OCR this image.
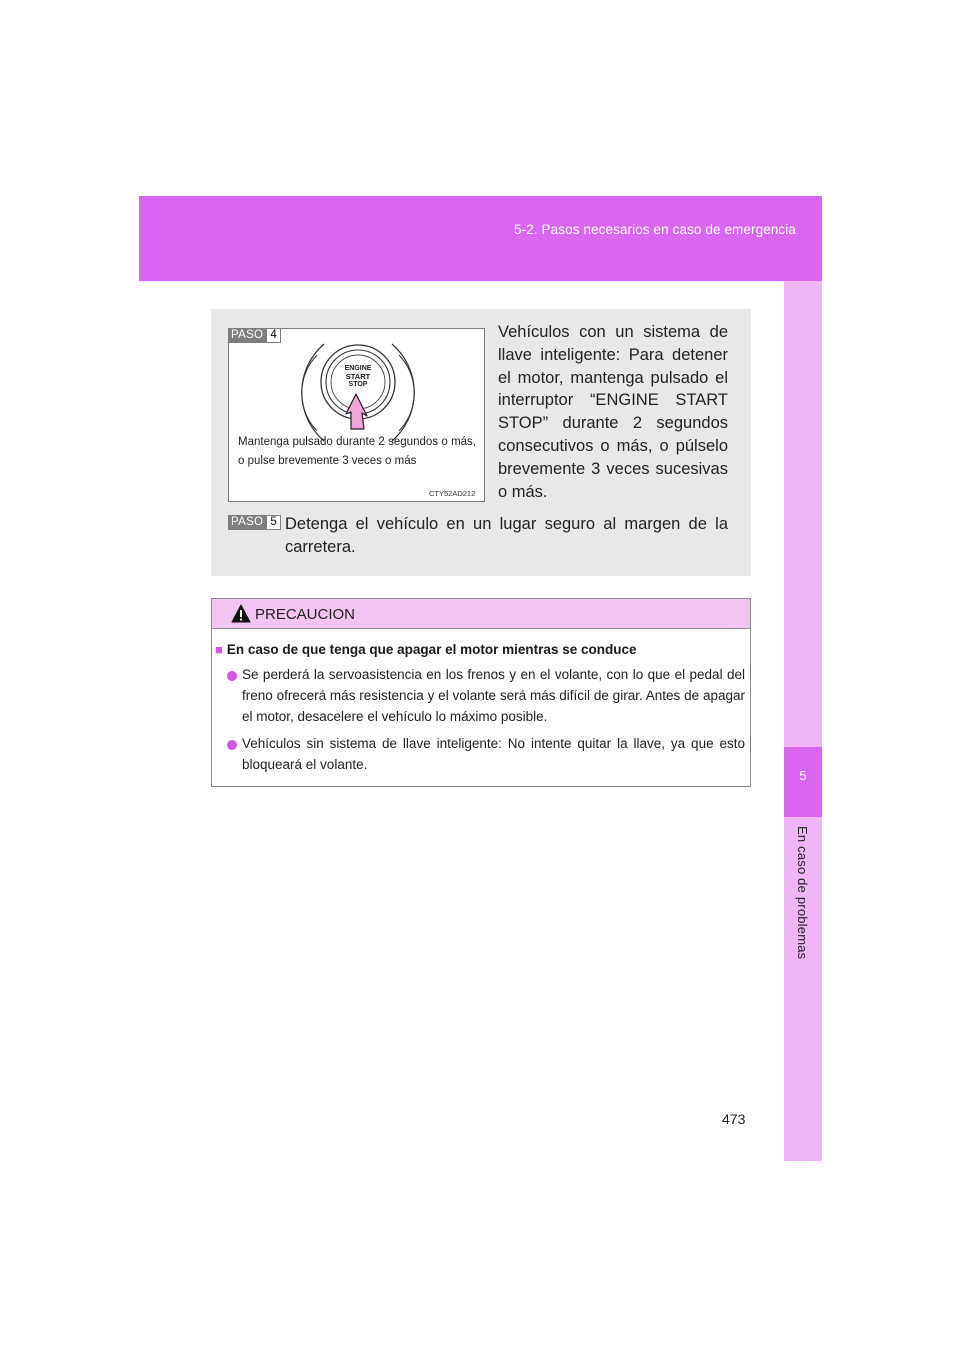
5-2. Pasos necesarios en caso de emergencia
5
En caso de problemas
ENGINE
START
STOP
PASO 4
Mantenga pulsado durante 2 segundos o más, o pulse brevemente 3 veces o más
CTY52AD212
Vehículos con un sistema de llave inteligente: Para detener el motor, mantenga pulsado el interruptor “ENGINE START STOP” durante 2 segundos consecutivos o más, o púlselo brevemente 3 veces sucesivas o más.
PASO 5 Detenga el vehículo en un lugar seguro al margen de la carretera.
PRECAUCION
■ En caso de que tenga que apagar el motor mientras se conduce
Se perderá la servoasistencia en los frenos y en el volante, con lo que el pedal del freno ofrecerá más resistencia y el volante será más difícil de girar. Antes de apagar el motor, desacelere el vehículo lo máximo posible.
Vehículos sin sistema de llave inteligente: No intente quitar la llave, ya que esto bloqueará el volante.
473
